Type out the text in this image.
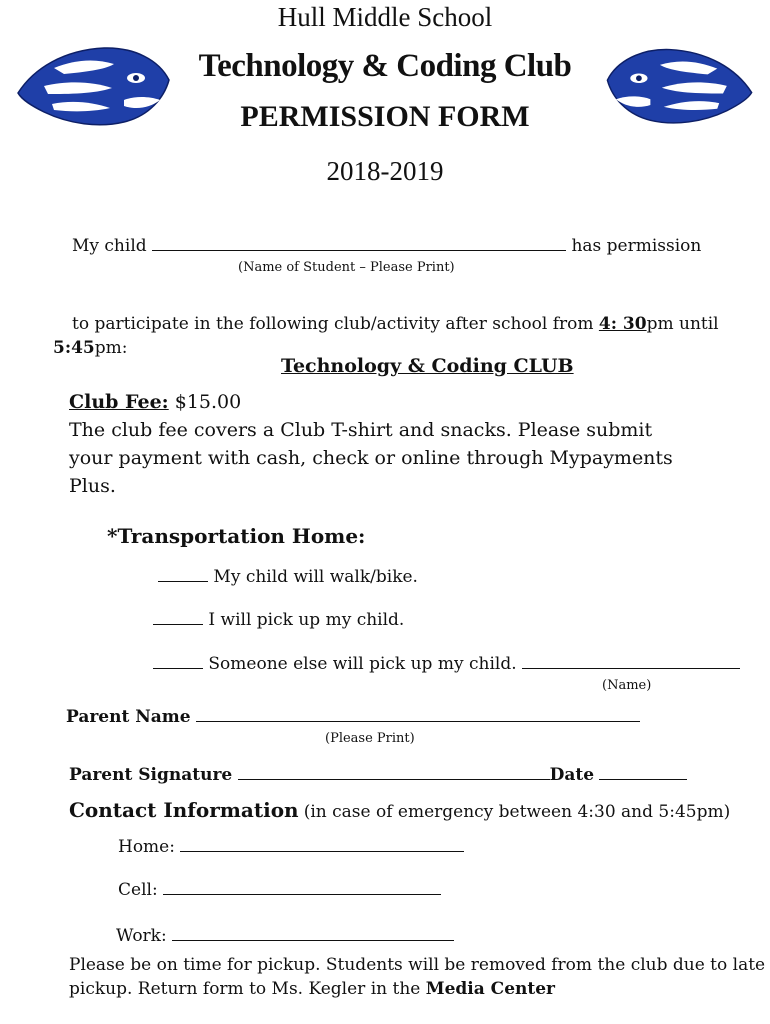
Hull Middle School
Technology & Coding Club
PERMISSION FORM
2018-2019
My child	has permission
(Name of Student – Please Print)
to participate in the following club/activity after school from 4: 30pm until
5:45pm:
Technology & Coding CLUB
Club Fee: $15.00
The club fee covers a Club T-shirt and snacks. Please submit
your payment with cash, check or online through Mypayments
Plus.
*Transportation Home:
My child will walk/bike.
I will pick up my child.
Someone else will pick up my child.
(Name)
Parent Name
(Please Print)
Parent Signature	Date
Contact Information (in case of emergency between 4:30 and 5:45pm)
Home:
Cell:
Work:
Please be on time for pickup. Students will be removed from the club due to late
pickup. Return form to Ms. Kegler in the Media Center
